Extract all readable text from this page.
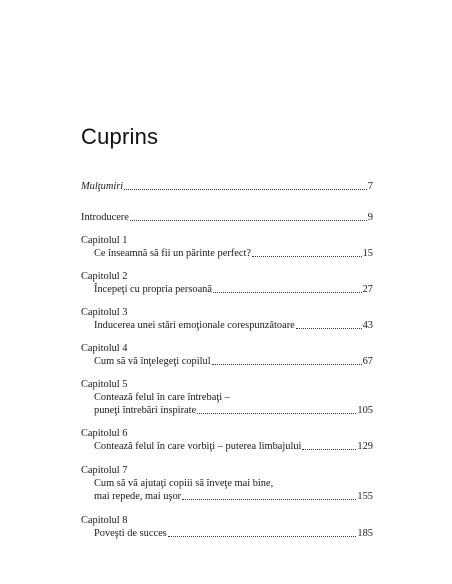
Cuprins
Mulţumiri	7
Introducere	9
Capitolul 1
Ce înseamnă să fii un părinte perfect?	15
Capitolul 2
Începeţi cu propria persoană	27
Capitolul 3
Inducerea unei stări emoţionale corespunzătoare	43
Capitolul 4
Cum să vă înţelegeţi copilul	67
Capitolul 5
Contează felul în care întrebaţi –
puneţi întrebări inspirate	105
Capitolul 6
Contează felul în care vorbiţi – puterea limbajului	129
Capitolul 7
Cum să vă ajutaţi copiii să înveţe mai bine,
mai repede, mai uşor	155
Capitolul 8
Poveşti de succes	185
